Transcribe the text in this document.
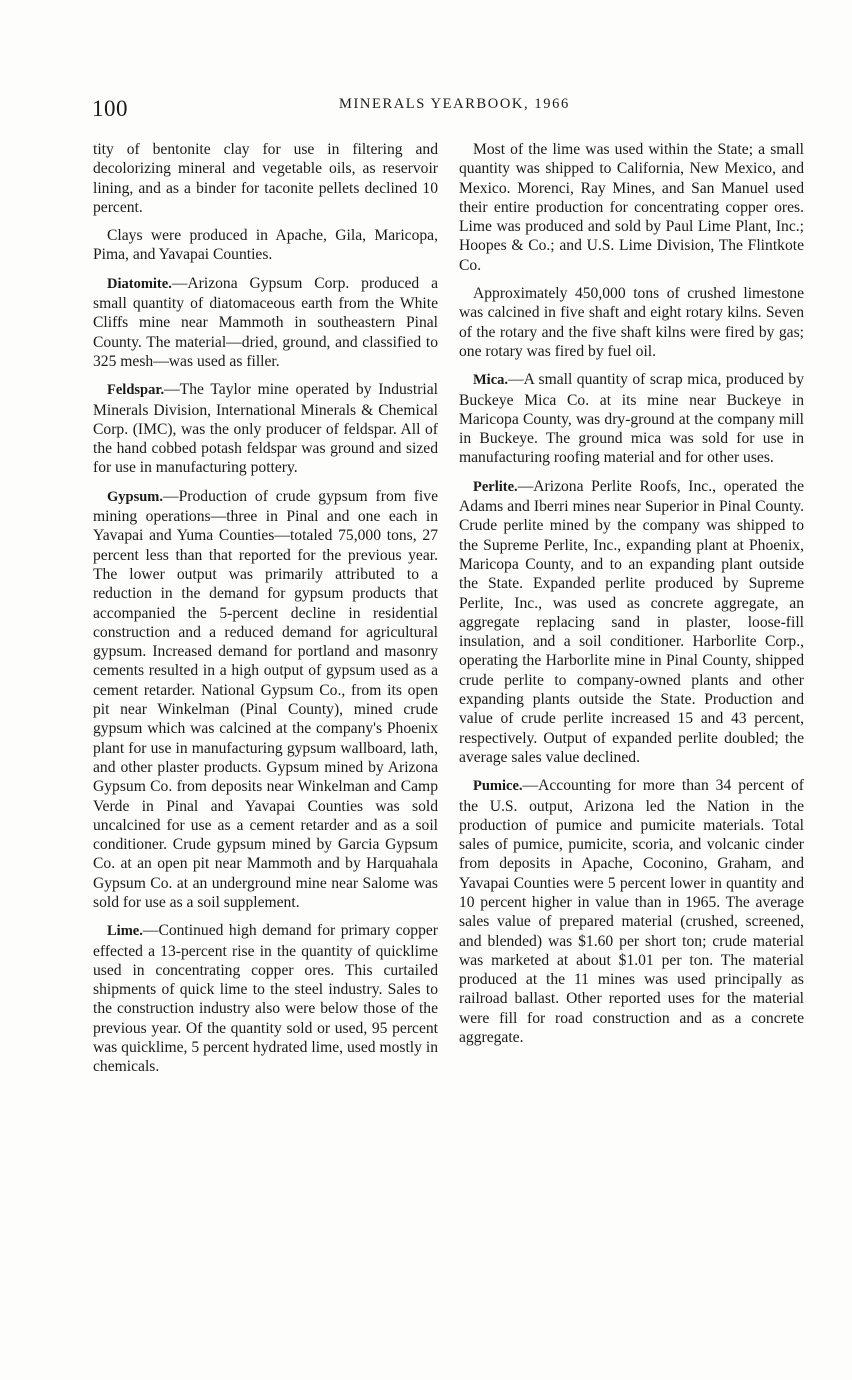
100	MINERALS YEARBOOK, 1966

tity of bentonite clay for use in filtering and decolorizing mineral and vegetable oils, as reservoir lining, and as a binder for taconite pellets declined 10 percent.

Clays were produced in Apache, Gila, Maricopa, Pima, and Yavapai Counties.

Diatomite.—Arizona Gypsum Corp. produced a small quantity of diatomaceous earth from the White Cliffs mine near Mammoth in southeastern Pinal County. The material—dried, ground, and classified to 325 mesh—was used as filler.

Feldspar.—The Taylor mine operated by Industrial Minerals Division, International Minerals & Chemical Corp. (IMC), was the only producer of feldspar. All of the hand cobbed potash feldspar was ground and sized for use in manufacturing pottery.

Gypsum.—Production of crude gypsum from five mining operations—three in Pinal and one each in Yavapai and Yuma Counties—totaled 75,000 tons, 27 percent less than that reported for the previous year. The lower output was primarily attributed to a reduction in the demand for gypsum products that accompanied the 5-percent decline in residential construction and a reduced demand for agricultural gypsum. Increased demand for portland and masonry cements resulted in a high output of gypsum used as a cement retarder. National Gypsum Co., from its open pit near Winkelman (Pinal County), mined crude gypsum which was calcined at the company's Phoenix plant for use in manufacturing gypsum wallboard, lath, and other plaster products. Gypsum mined by Arizona Gypsum Co. from deposits near Winkelman and Camp Verde in Pinal and Yavapai Counties was sold uncalcined for use as a cement retarder and as a soil conditioner. Crude gypsum mined by Garcia Gypsum Co. at an open pit near Mammoth and by Harquahala Gypsum Co. at an underground mine near Salome was sold for use as a soil supplement.

Lime.—Continued high demand for primary copper effected a 13-percent rise in the quantity of quicklime used in concentrating copper ores. This curtailed shipments of quick lime to the steel industry. Sales to the construction industry also were below those of the previous year. Of the quantity sold or used, 95 percent was quicklime, 5 percent hydrated lime, used mostly in chemicals.

Most of the lime was used within the State; a small quantity was shipped to California, New Mexico, and Mexico. Morenci, Ray Mines, and San Manuel used their entire production for concentrating copper ores. Lime was produced and sold by Paul Lime Plant, Inc.; Hoopes & Co.; and U.S. Lime Division, The Flintkote Co.

Approximately 450,000 tons of crushed limestone was calcined in five shaft and eight rotary kilns. Seven of the rotary and the five shaft kilns were fired by gas; one rotary was fired by fuel oil.

Mica.—A small quantity of scrap mica, produced by Buckeye Mica Co. at its mine near Buckeye in Maricopa County, was dry-ground at the company mill in Buckeye. The ground mica was sold for use in manufacturing roofing material and for other uses.

Perlite.—Arizona Perlite Roofs, Inc., operated the Adams and Iberri mines near Superior in Pinal County. Crude perlite mined by the company was shipped to the Supreme Perlite, Inc., expanding plant at Phoenix, Maricopa County, and to an expanding plant outside the State. Expanded perlite produced by Supreme Perlite, Inc., was used as concrete aggregate, an aggregate replacing sand in plaster, loose-fill insulation, and a soil conditioner. Harborlite Corp., operating the Harborlite mine in Pinal County, shipped crude perlite to company-owned plants and other expanding plants outside the State. Production and value of crude perlite increased 15 and 43 percent, respectively. Output of expanded perlite doubled; the average sales value declined.

Pumice.—Accounting for more than 34 percent of the U.S. output, Arizona led the Nation in the production of pumice and pumicite materials. Total sales of pumice, pumicite, scoria, and volcanic cinder from deposits in Apache, Coconino, Graham, and Yavapai Counties were 5 percent lower in quantity and 10 percent higher in value than in 1965. The average sales value of prepared material (crushed, screened, and blended) was $1.60 per short ton; crude material was marketed at about $1.01 per ton. The material produced at the 11 mines was used principally as railroad ballast. Other reported uses for the material were fill for road construction and as a concrete aggregate.
